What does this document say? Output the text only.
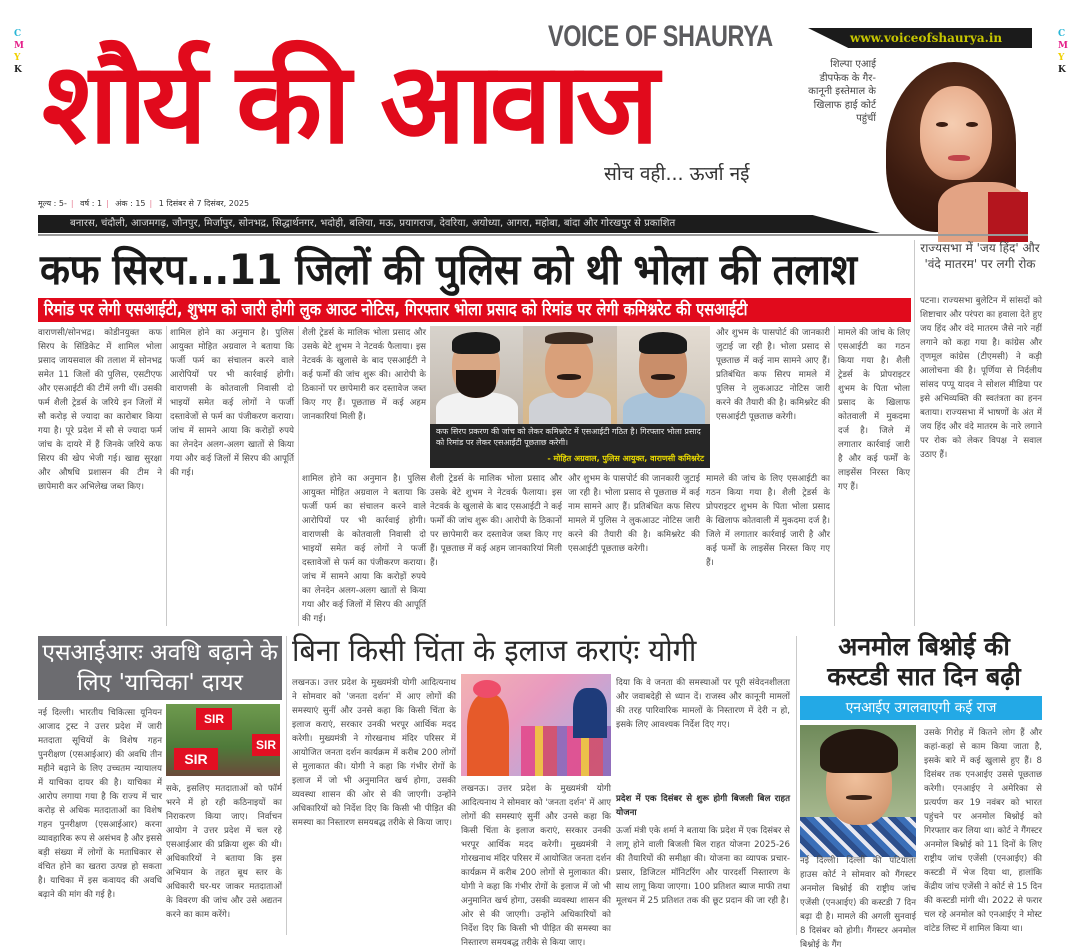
C
M
Y
K
C
M
Y
K
शौर्य की आवाज
VOICE OF SHAURYA
सोच वही... ऊर्जा नई
www.voiceofshaurya.in
शिल्पा एआई डीपफेक के गैर-कानूनी इस्तेमाल के खिलाफ हाई कोर्ट पहुंचीं
मूल्य : 5- | वर्ष : 1 | अंक : 15 | 1 दिसंबर से 7 दिसंबर, 2025
बनारस, चंदौली, आजमगढ़, जौनपुर, मिर्जापुर, सोनभद्र, सिद्धार्थनगर, भदोही, बलिया, मऊ, प्रयागराज, देवरिया, अयोध्या, आगरा, महोबा, बांदा और गोरखपुर से प्रकाशित
कफ सिरप...11 जिलों की पुलिस को थी भोला की तलाश
रिमांड पर लेगी एसआईटी, शुभम को जारी होगी लुक आउट नोटिस, गिरफ्तार भोला प्रसाद को रिमांड पर लेगी कमिश्नरेट की एसआईटी
वाराणसी/सोनभद्र। कोडीनयुक्त कफ सिरप के सिंडिकेट में शामिल भोला प्रसाद जायसवाल की तलाश में सोनभद्र समेत 11 जिलों की पुलिस, एसटीएफ और एसआईटी की टीमें लगी थीं। उसकी फर्म शैली ट्रेडर्स के जरिये इन जिलों में सौ करोड़ से ज्यादा का कारोबार किया गया है। पूरे प्रदेश में सौ से ज्यादा फर्म जांच के दायरे में हैं जिनके जरिये कफ सिरप की खेप भेजी गई। खाद्य सुरक्षा और औषधि प्रशासन की टीम ने छापेमारी कर अभिलेख जब्त किए।
शामिल होने का अनुमान है। पुलिस आयुक्त मोहित अग्रवाल ने बताया कि फर्जी फर्म का संचालन करने वाले आरोपियों पर भी कार्रवाई होगी। वाराणसी के कोतवाली निवासी दो भाइयों समेत कई लोगों ने फर्जी दस्तावेजों से फर्म का पंजीकरण कराया। जांच में सामने आया कि करोड़ों रुपये का लेनदेन अलग-अलग खातों से किया गया और कई जिलों में सिरप की आपूर्ति की गई।
शैली ट्रेडर्स के मालिक भोला प्रसाद और उसके बेटे शुभम ने नेटवर्क फैलाया। इस नेटवर्क के खुलासे के बाद एसआईटी ने कई फर्मों की जांच शुरू की। आरोपी के ठिकानों पर छापेमारी कर दस्तावेज जब्त किए गए हैं। पूछताछ में कई अहम जानकारियां मिली हैं।
शामिल होने का अनुमान है। पुलिस आयुक्त मोहित अग्रवाल ने बताया कि फर्जी फर्म का संचालन करने वाले आरोपियों पर भी कार्रवाई होगी। वाराणसी के कोतवाली निवासी दो भाइयों समेत कई लोगों ने फर्जी दस्तावेजों से फर्म का पंजीकरण कराया। जांच में सामने आया कि करोड़ों रुपये का लेनदेन अलग-अलग खातों से किया गया और कई जिलों में सिरप की आपूर्ति की गई।
शैली ट्रेडर्स के मालिक भोला प्रसाद और उसके बेटे शुभम ने नेटवर्क फैलाया। इस नेटवर्क के खुलासे के बाद एसआईटी ने कई फर्मों की जांच शुरू की। आरोपी के ठिकानों पर छापेमारी कर दस्तावेज जब्त किए गए हैं। पूछताछ में कई अहम जानकारियां मिली हैं।
और शुभम के पासपोर्ट की जानकारी जुटाई जा रही है। भोला प्रसाद से पूछताछ में कई नाम सामने आए हैं। प्रतिबंधित कफ सिरप मामले में पुलिस ने लुकआउट नोटिस जारी करने की तैयारी की है। कमिश्नरेट की एसआईटी पूछताछ करेगी।
और शुभम के पासपोर्ट की जानकारी जुटाई जा रही है। भोला प्रसाद से पूछताछ में कई नाम सामने आए हैं। प्रतिबंधित कफ सिरप मामले में पुलिस ने लुकआउट नोटिस जारी करने की तैयारी की है। कमिश्नरेट की एसआईटी पूछताछ करेगी।
मामले की जांच के लिए एसआईटी का गठन किया गया है। शैली ट्रेडर्स के प्रोपराइटर शुभम के पिता भोला प्रसाद के खिलाफ कोतवाली में मुकदमा दर्ज है। जिले में लगातार कार्रवाई जारी है और कई फर्मों के लाइसेंस निरस्त किए गए हैं।
मामले की जांच के लिए एसआईटी का गठन किया गया है। शैली ट्रेडर्स के प्रोपराइटर शुभम के पिता भोला प्रसाद के खिलाफ कोतवाली में मुकदमा दर्ज है। जिले में लगातार कार्रवाई जारी है और कई फर्मों के लाइसेंस निरस्त किए गए हैं।
कफ सिरप प्रकरण की जांच को लेकर कमिश्नरेट में एसआईटी गठित है। गिरफ्तार भोला प्रसाद को रिमांड पर लेकर एसआईटी पूछताछ करेगी।
- मोहित अग्रवाल, पुलिस आयुक्त, वाराणसी कमिश्नरेट
राज्यसभा में 'जय हिंद' और 'वंदे मातरम' पर लगी रोक
पटना। राज्यसभा बुलेटिन में सांसदों को शिष्टाचार और परंपरा का हवाला देते हुए जय हिंद और वंदे मातरम जैसे नारे नहीं लगाने को कहा गया है। कांग्रेस और तृणमूल कांग्रेस (टीएमसी) ने कड़ी आलोचना की है। पूर्णिया से निर्दलीय सांसद पप्पू यादव ने सोशल मीडिया पर इसे अभिव्यक्ति की स्वतंत्रता का हनन बताया। राज्यसभा में भाषणों के अंत में जय हिंद और वंदे मातरम के नारे लगाने पर रोक को लेकर विपक्ष ने सवाल उठाए हैं।
एसआईआरः अवधि बढ़ाने के लिए 'याचिका' दायर
नई दिल्ली। भारतीय चिकित्सा यूनियन आजाद ट्रस्ट ने उत्तर प्रदेश में जारी मतदाता सूचियों के विशेष गहन पुनरीक्षण (एसआईआर) की अवधि तीन महीने बढ़ाने के लिए उच्चतम न्यायालय में याचिका दायर की है। याचिका में आरोप लगाया गया है कि राज्य में चार करोड़ से अधिक मतदाताओं का विशेष गहन पुनरीक्षण (एसआईआर) करना व्यावहारिक रूप से असंभव है और इससे बड़ी संख्या में लोगों के मताधिकार से वंचित होने का खतरा उत्पन्न हो सकता है। याचिका में इस कवायद की अवधि बढ़ाने की मांग की गई है।
SIR
SIR
SIR
सके, इसलिए मतदाताओं को फॉर्म भरने में हो रही कठिनाइयों का निराकरण किया जाए। निर्वाचन आयोग ने उत्तर प्रदेश में चल रहे एसआईआर की प्रक्रिया शुरू की थी। अधिकारियों ने बताया कि इस अभियान के तहत बूथ स्तर के अधिकारी घर-घर जाकर मतदाताओं के विवरण की जांच और उसे अद्यतन करने का काम करेंगे।
बिना किसी चिंता के इलाज कराएंः योगी
लखनऊ। उत्तर प्रदेश के मुख्यमंत्री योगी आदित्यनाथ ने सोमवार को 'जनता दर्शन' में आए लोगों की समस्याएं सुनीं और उनसे कहा कि किसी चिंता के इलाज कराएं, सरकार उनकी भरपूर आर्थिक मदद करेगी। मुख्यमंत्री ने गोरखनाथ मंदिर परिसर में आयोजित जनता दर्शन कार्यक्रम में करीब 200 लोगों से मुलाकात की। योगी ने कहा कि गंभीर रोगों के इलाज में जो भी अनुमानित खर्च होगा, उसकी व्यवस्था शासन की ओर से की जाएगी। उन्होंने अधिकारियों को निर्देश दिए कि किसी भी पीड़ित की समस्या का निस्तारण समयबद्ध तरीके से किया जाए।
लखनऊ। उत्तर प्रदेश के मुख्यमंत्री योगी आदित्यनाथ ने सोमवार को 'जनता दर्शन' में आए लोगों की समस्याएं सुनीं और उनसे कहा कि किसी चिंता के इलाज कराएं, सरकार उनकी भरपूर आर्थिक मदद करेगी। मुख्यमंत्री ने गोरखनाथ मंदिर परिसर में आयोजित जनता दर्शन कार्यक्रम में करीब 200 लोगों से मुलाकात की। योगी ने कहा कि गंभीर रोगों के इलाज में जो भी अनुमानित खर्च होगा, उसकी व्यवस्था शासन की ओर से की जाएगी। उन्होंने अधिकारियों को निर्देश दिए कि किसी भी पीड़ित की समस्या का निस्तारण समयबद्ध तरीके से किया जाए।
दिया कि वे जनता की समस्याओं पर पूरी संवेदनशीलता और जवाबदेही से ध्यान दें। राजस्व और कानूनी मामलों की तरह पारिवारिक मामलों के निस्तारण में देरी न हो, इसके लिए आवश्यक निर्देश दिए गए।
प्रदेश में एक दिसंबर से शुरू होगी बिजली बिल राहत योजना
ऊर्जा मंत्री एके शर्मा ने बताया कि प्रदेश में एक दिसंबर से लागू होने वाली बिजली बिल राहत योजना 2025-26 की तैयारियों की समीक्षा की। योजना का व्यापक प्रचार-प्रसार, डिजिटल मॉनिटरिंग और पारदर्शी निस्तारण के साथ लागू किया जाएगा। 100 प्रतिशत ब्याज माफी तथा मूलधन में 25 प्रतिशत तक की छूट प्रदान की जा रही है।
अनमोल बिश्नोई की कस्टडी सात दिन बढ़ी
एनआईए उगलवाएगी कई राज
नई दिल्ली। दिल्ली की पटियाला हाउस कोर्ट ने सोमवार को गैंगस्टर अनमोल बिश्नोई की राष्ट्रीय जांच एजेंसी (एनआईए) की कस्टडी 7 दिन बढ़ा दी है। मामले की अगली सुनवाई 8 दिसंबर को होगी। गैंगस्टर अनमोल बिश्नोई के गैंग
उसके गिरोह में कितने लोग हैं और कहां-कहां से काम किया जाता है, इसके बारे में कई खुलासे हुए हैं। 8 दिसंबर तक एनआईए उससे पूछताछ करेगी। एनआईए ने अमेरिका से प्रत्यर्पण कर 19 नवंबर को भारत पहुंचने पर अनमोल बिश्नोई को गिरफ्तार कर लिया था। कोर्ट ने गैंगस्टर अनमोल बिश्नोई को 11 दिनों के लिए राष्ट्रीय जांच एजेंसी (एनआईए) की कस्टडी में भेज दिया था, हालांकि केंद्रीय जांच एजेंसी ने कोर्ट से 15 दिन की कस्टडी मांगी थी। 2022 से फरार चल रहे अनमोल को एनआईए ने मोस्ट वांटेड लिस्ट में शामिल किया था।
